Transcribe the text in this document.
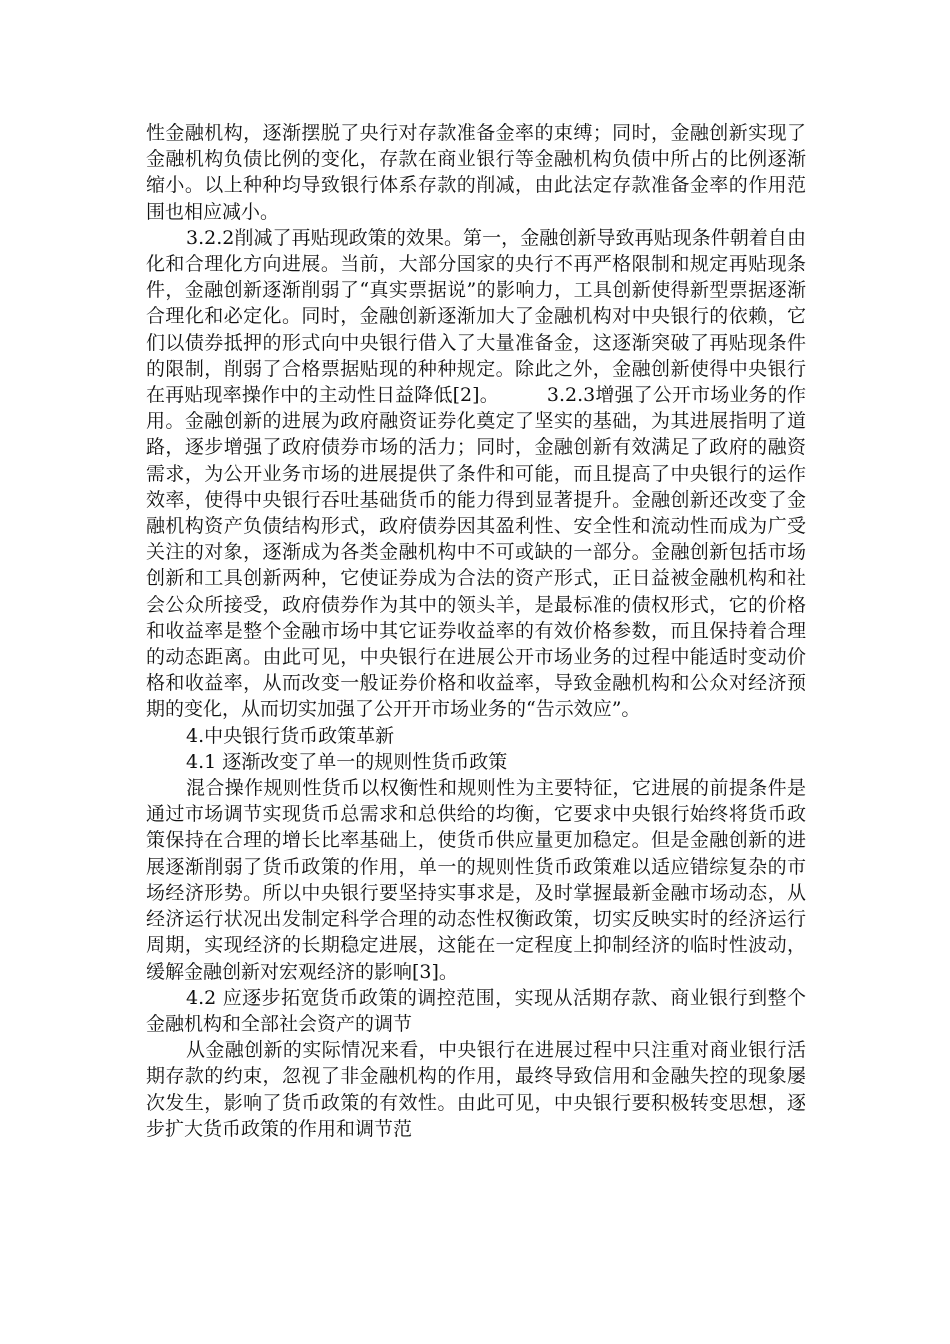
性金融机构，逐渐摆脱了央行对存款准备金率的束缚；同时，金融创新实现了金融机构负债比例的变化，存款在商业银行等金融机构负债中所占的比例逐渐缩小。以上种种均导致银行体系存款的削减，由此法定存款准备金率的作用范围也相应减小。

3.2.2削减了再贴现政策的效果。第一，金融创新导致再贴现条件朝着自由化和合理化方向进展。当前，大部分国家的央行不再严格限制和规定再贴现条件，金融创新逐渐削弱了“真实票据说”的影响力，工具创新使得新型票据逐渐合理化和必定化。同时，金融创新逐渐加大了金融机构对中央银行的依赖，它们以债券抵押的形式向中央银行借入了大量准备金，这逐渐突破了再贴现条件的限制，削弱了合格票据贴现的种种规定。除此之外，金融创新使得中央银行在再贴现率操作中的主动性日益降低[2]。　　　3.2.3增强了公开市场业务的作用。金融创新的进展为政府融资证券化奠定了坚实的基础，为其进展指明了道路，逐步增强了政府债券市场的活力；同时，金融创新有效满足了政府的融资需求，为公开业务市场的进展提供了条件和可能，而且提高了中央银行的运作效率，使得中央银行吞吐基础货币的能力得到显著提升。金融创新还改变了金融机构资产负债结构形式，政府债券因其盈利性、安全性和流动性而成为广受关注的对象，逐渐成为各类金融机构中不可或缺的一部分。金融创新包括市场创新和工具创新两种，它使证券成为合法的资产形式，正日益被金融机构和社会公众所接受，政府债券作为其中的领头羊，是最标准的债权形式，它的价格和收益率是整个金融市场中其它证券收益率的有效价格参数，而且保持着合理的动态距离。由此可见，中央银行在进展公开市场业务的过程中能适时变动价格和收益率，从而改变一般证券价格和收益率，导致金融机构和公众对经济预期的变化，从而切实加强了公开开市场业务的“告示效应”。

4.中央银行货币政策革新

4.1 逐渐改变了单一的规则性货币政策

混合操作规则性货币以权衡性和规则性为主要特征，它进展的前提条件是通过市场调节实现货币总需求和总供给的均衡，它要求中央银行始终将货币政策保持在合理的增长比率基础上，使货币供应量更加稳定。但是金融创新的进展逐渐削弱了货币政策的作用，单一的规则性货币政策难以适应错综复杂的市场经济形势。所以中央银行要坚持实事求是，及时掌握最新金融市场动态，从经济运行状况出发制定科学合理的动态性权衡政策，切实反映实时的经济运行周期，实现经济的长期稳定进展，这能在一定程度上抑制经济的临时性波动，缓解金融创新对宏观经济的影响[3]。

4.2 应逐步拓宽货币政策的调控范围，实现从活期存款、商业银行到整个金融机构和全部社会资产的调节

从金融创新的实际情况来看，中央银行在进展过程中只注重对商业银行活期存款的约束，忽视了非金融机构的作用，最终导致信用和金融失控的现象屡次发生，影响了货币政策的有效性。由此可见，中央银行要积极转变思想，逐步扩大货币政策的作用和调节范
